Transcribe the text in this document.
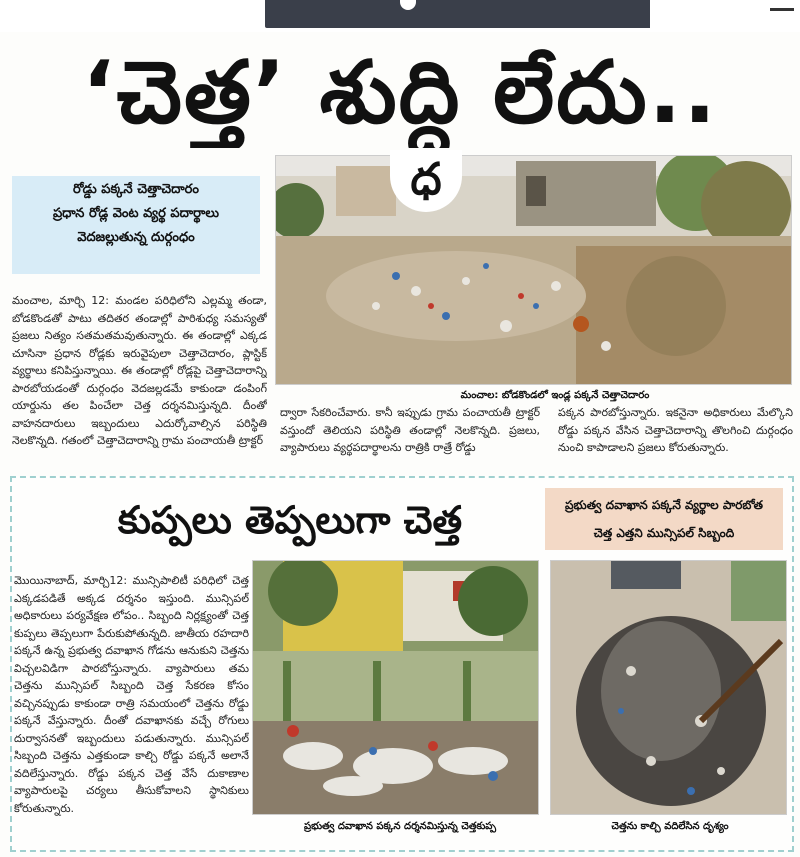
‘చెత్త’ శుద్ధి లేదు..
రోడ్డు పక్కనే చెత్తాచెదారం
ప్రధాన రోడ్ల వెంట వ్యర్థ పదార్థాలు
వెదజల్లుతున్న దుర్గంధం
ధ
మంచాల: బోడకొండలో ఇండ్ల పక్కనే చెత్తాచెదారం
మంచాల, మార్చి 12: మండల పరిధిలోని ఎల్లమ్మ తండా, బోడకొండతో పాటు తదితర తండాల్లో పారిశుధ్య సమస్యతో ప్రజలు నిత్యం సతమతమవుతున్నారు. ఈ తండాల్లో ఎక్కడ చూసినా ప్రధాన రోడ్లకు ఇరువైపులా చెత్తాచెదారం, ప్లాస్టిక్ వ్యర్థాలు కనిపిస్తున్నాయి. ఈ తండాల్లో రోడ్లపై చెత్తాచెదారాన్ని పారబోయడంతో దుర్గంధం వెదజల్లడమే కాకుండా డంపింగ్ యార్డును తల పించేలా చెత్త దర్శనమిస్తున్నది. దీంతో వాహనదారులు ఇబ్బందులు ఎదుర్కోవాల్సిన పరిస్థితి నెలకొన్నది. గతంలో చెత్తాచెదారాన్ని గ్రామ పంచాయతీ ట్రాక్టర్
ద్వారా సేకరించేవారు. కానీ ఇప్పుడు గ్రామ పంచాయతీ ట్రాక్టర్ వస్తుందో తెలియని పరిస్థితి తండాల్లో నెలకొన్నది. ప్రజలు, వ్యాపారులు వ్యర్థపదార్థాలను రాత్రికి రాత్రే రోడ్డు
పక్కన పారబోస్తున్నారు. ఇకనైనా అధికారులు మేల్కొని రోడ్డు పక్కన వేసిన చెత్తాచెదారాన్ని తొలగించి దుర్గంధం నుంచి కాపాడాలని ప్రజలు కోరుతున్నారు.
కుప్పలు తెప్పలుగా చెత్త	ప్రభుత్వ దవాఖాన పక్కనే వ్యర్థాల పారబోత
చెత్త ఎత్తని మున్సిపల్ సిబ్బంది
మొయినాబాద్, మార్చి12: మున్సిపాలిటీ పరిధిలో చెత్త ఎక్కడపడితే అక్కడ దర్శనం ఇస్తుంది. మున్సిపల్ అధికారులు పర్యవేక్షణ లోపం.. సిబ్బంది నిర్లక్ష్యంతో చెత్త కుప్పలు తెప్పలుగా పేరుకుపోతున్నది. జాతీయ రహదారి పక్కనే ఉన్న ప్రభుత్వ దవాఖాన గోడను ఆనుకుని చెత్తను విచ్చలవిడిగా పారబోస్తున్నారు. వ్యాపారులు తమ చెత్తను మున్సిపల్ సిబ్బంది చెత్త సేకరణ కోసం వచ్చినప్పుడు కాకుండా రాత్రి సమయంలో చెత్తను రోడ్డు పక్కనే వేస్తున్నారు. దీంతో దవాఖానకు వచ్చే రోగులు దుర్వాసనతో ఇబ్బందులు పడుతున్నారు. మున్సిపల్ సిబ్బంది చెత్తను ఎత్తకుండా కాల్చి రోడ్డు పక్కనే అలానే వదిలేస్తున్నారు. రోడ్డు పక్కన చెత్త వేసే దుకాణాల వ్యాపారులపై చర్యలు తీసుకోవాలని స్థానికులు కోరుతున్నారు.
ప్రభుత్వ దవాఖాన పక్కన దర్శనమిస్తున్న చెత్తకుప్ప	చెత్తను కాల్చి వదిలేసిన దృశ్యం
